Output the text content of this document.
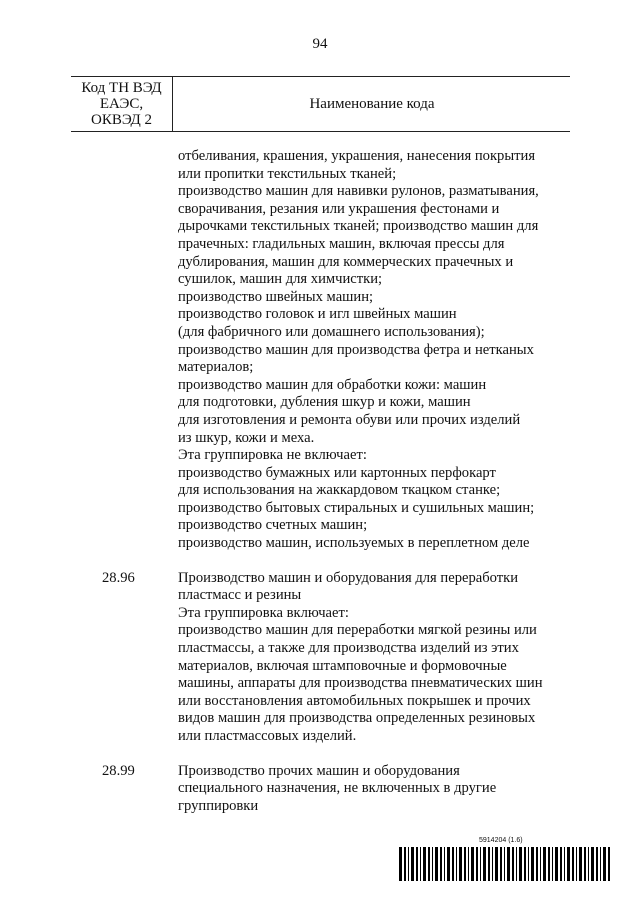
94
Код ТН ВЭД
ЕАЭС,
ОКВЭД 2
Наименование кода
отбеливания, крашения, украшения, нанесения покрытия
или пропитки текстильных тканей;
производство машин для навивки рулонов, разматывания,
сворачивания, резания или украшения фестонами и
дырочками текстильных тканей; производство машин для
прачечных: гладильных машин, включая прессы для
дублирования, машин для коммерческих прачечных и
сушилок, машин для химчистки;
производство швейных машин;
производство головок и игл швейных машин
(для фабричного или домашнего использования);
производство машин для производства фетра и нетканых
материалов;
производство машин для обработки кожи: машин
для подготовки, дубления шкур и кожи, машин
для изготовления и ремонта обуви или прочих изделий
из шкур, кожи и меха.
Эта группировка не включает:
производство бумажных или картонных перфокарт
для использования на жаккардовом ткацком станке;
производство бытовых стиральных и сушильных машин;
производство счетных машин;
производство машин, используемых в переплетном деле
28.96	Производство машин и оборудования для переработки
пластмасс и резины
Эта группировка включает:
производство машин для переработки мягкой резины или
пластмассы, а также для производства изделий из этих
материалов, включая штамповочные и формовочные
машины, аппараты для производства пневматических шин
или восстановления автомобильных покрышек и прочих
видов машин для производства определенных резиновых
или пластмассовых изделий.
28.99	Производство прочих машин и оборудования
специального назначения, не включенных в другие
группировки
5914204 (1.6)
